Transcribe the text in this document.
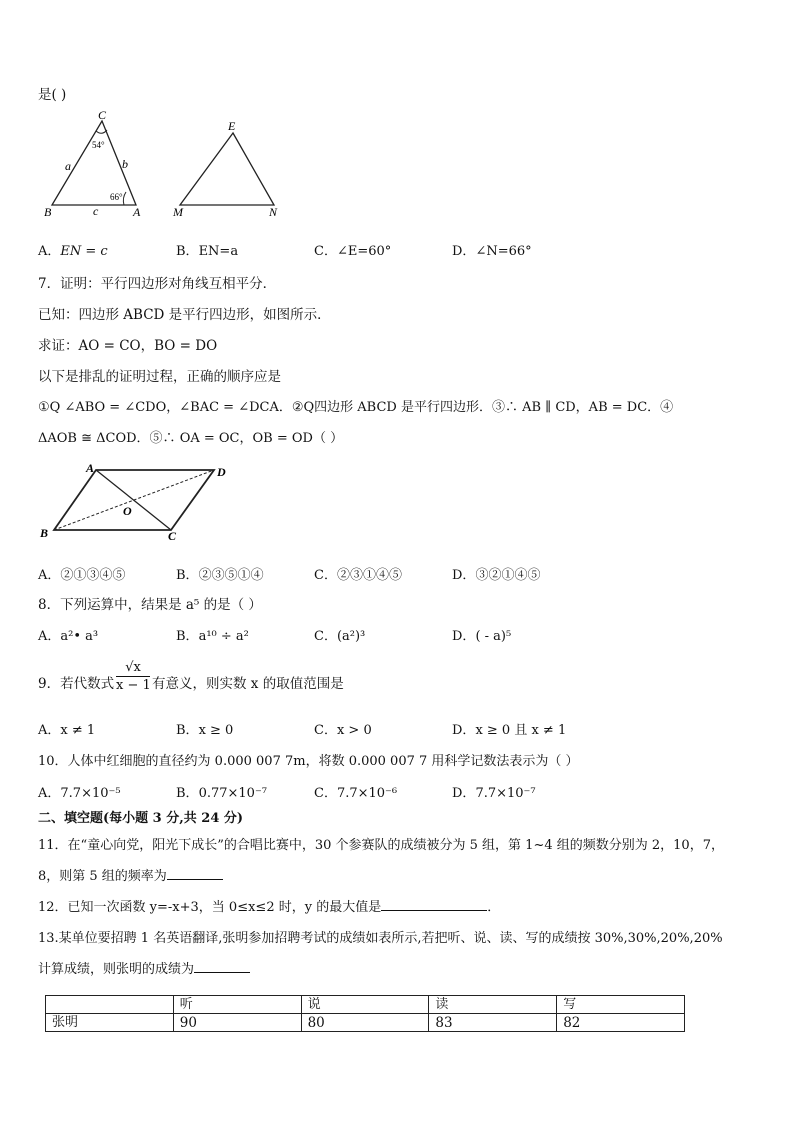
是( )
C
B	A
a	b
c
54°
66°
E
M	N
A．EN = c	B．EN=a	C．∠E=60°	D．∠N=66°
7．证明：平行四边形对角线互相平分．
已知：四边形 ABCD 是平行四边形，如图所示．
求证：AO = CO，BO = DO
以下是排乱的证明过程，正确的顺序应是
①Q ∠ABO = ∠CDO，∠BAC = ∠DCA．②Q四边形 ABCD 是平行四边形．③∴ AB ∥ CD，AB = DC．④
ΔAOB ≅ ΔCOD．⑤∴ OA = OC，OB = OD（ ）
A	D
B	C
O
A．②①③④⑤	B．②③⑤①④	C．②③①④⑤	D．③②①④⑤
8．下列运算中，结果是 a⁵ 的是（ ）
A．a²• a³	B．a¹⁰ ÷ a²	C．(a²)³	D．( - a)⁵
9．若代数式 $\frac{√x}{x - 1}$ 有意义，则实数 x 的取值范围是
A．x ≠ 1	B．x ≥ 0	C．x > 0	D．x ≥ 0 且 x ≠ 1
10．人体中红细胞的直径约为 0.000 007 7m，将数 0.000 007 7 用科学记数法表示为（ ）
A．7.7×10⁻⁵	B．0.77×10⁻⁷	C．7.7×10⁻⁶	D．7.7×10⁻⁷
二、填空题(每小题 3 分,共 24 分)
11．在“童心向党，阳光下成长”的合唱比赛中，30 个参赛队的成绩被分为 5 组，第 1~4 组的频数分别为 2，10，7，
8，则第 5 组的频率为
12．已知一次函数 y=-x+3，当 0≤x≤2 时，y 的最大值是	．
13.某单位要招聘 1 名英语翻译,张明参加招聘考试的成绩如表所示,若把听、说、读、写的成绩按 30%,30%,20%,20%
计算成绩，则张明的成绩为
	听	说	读	写
张明	90	80	83	82
